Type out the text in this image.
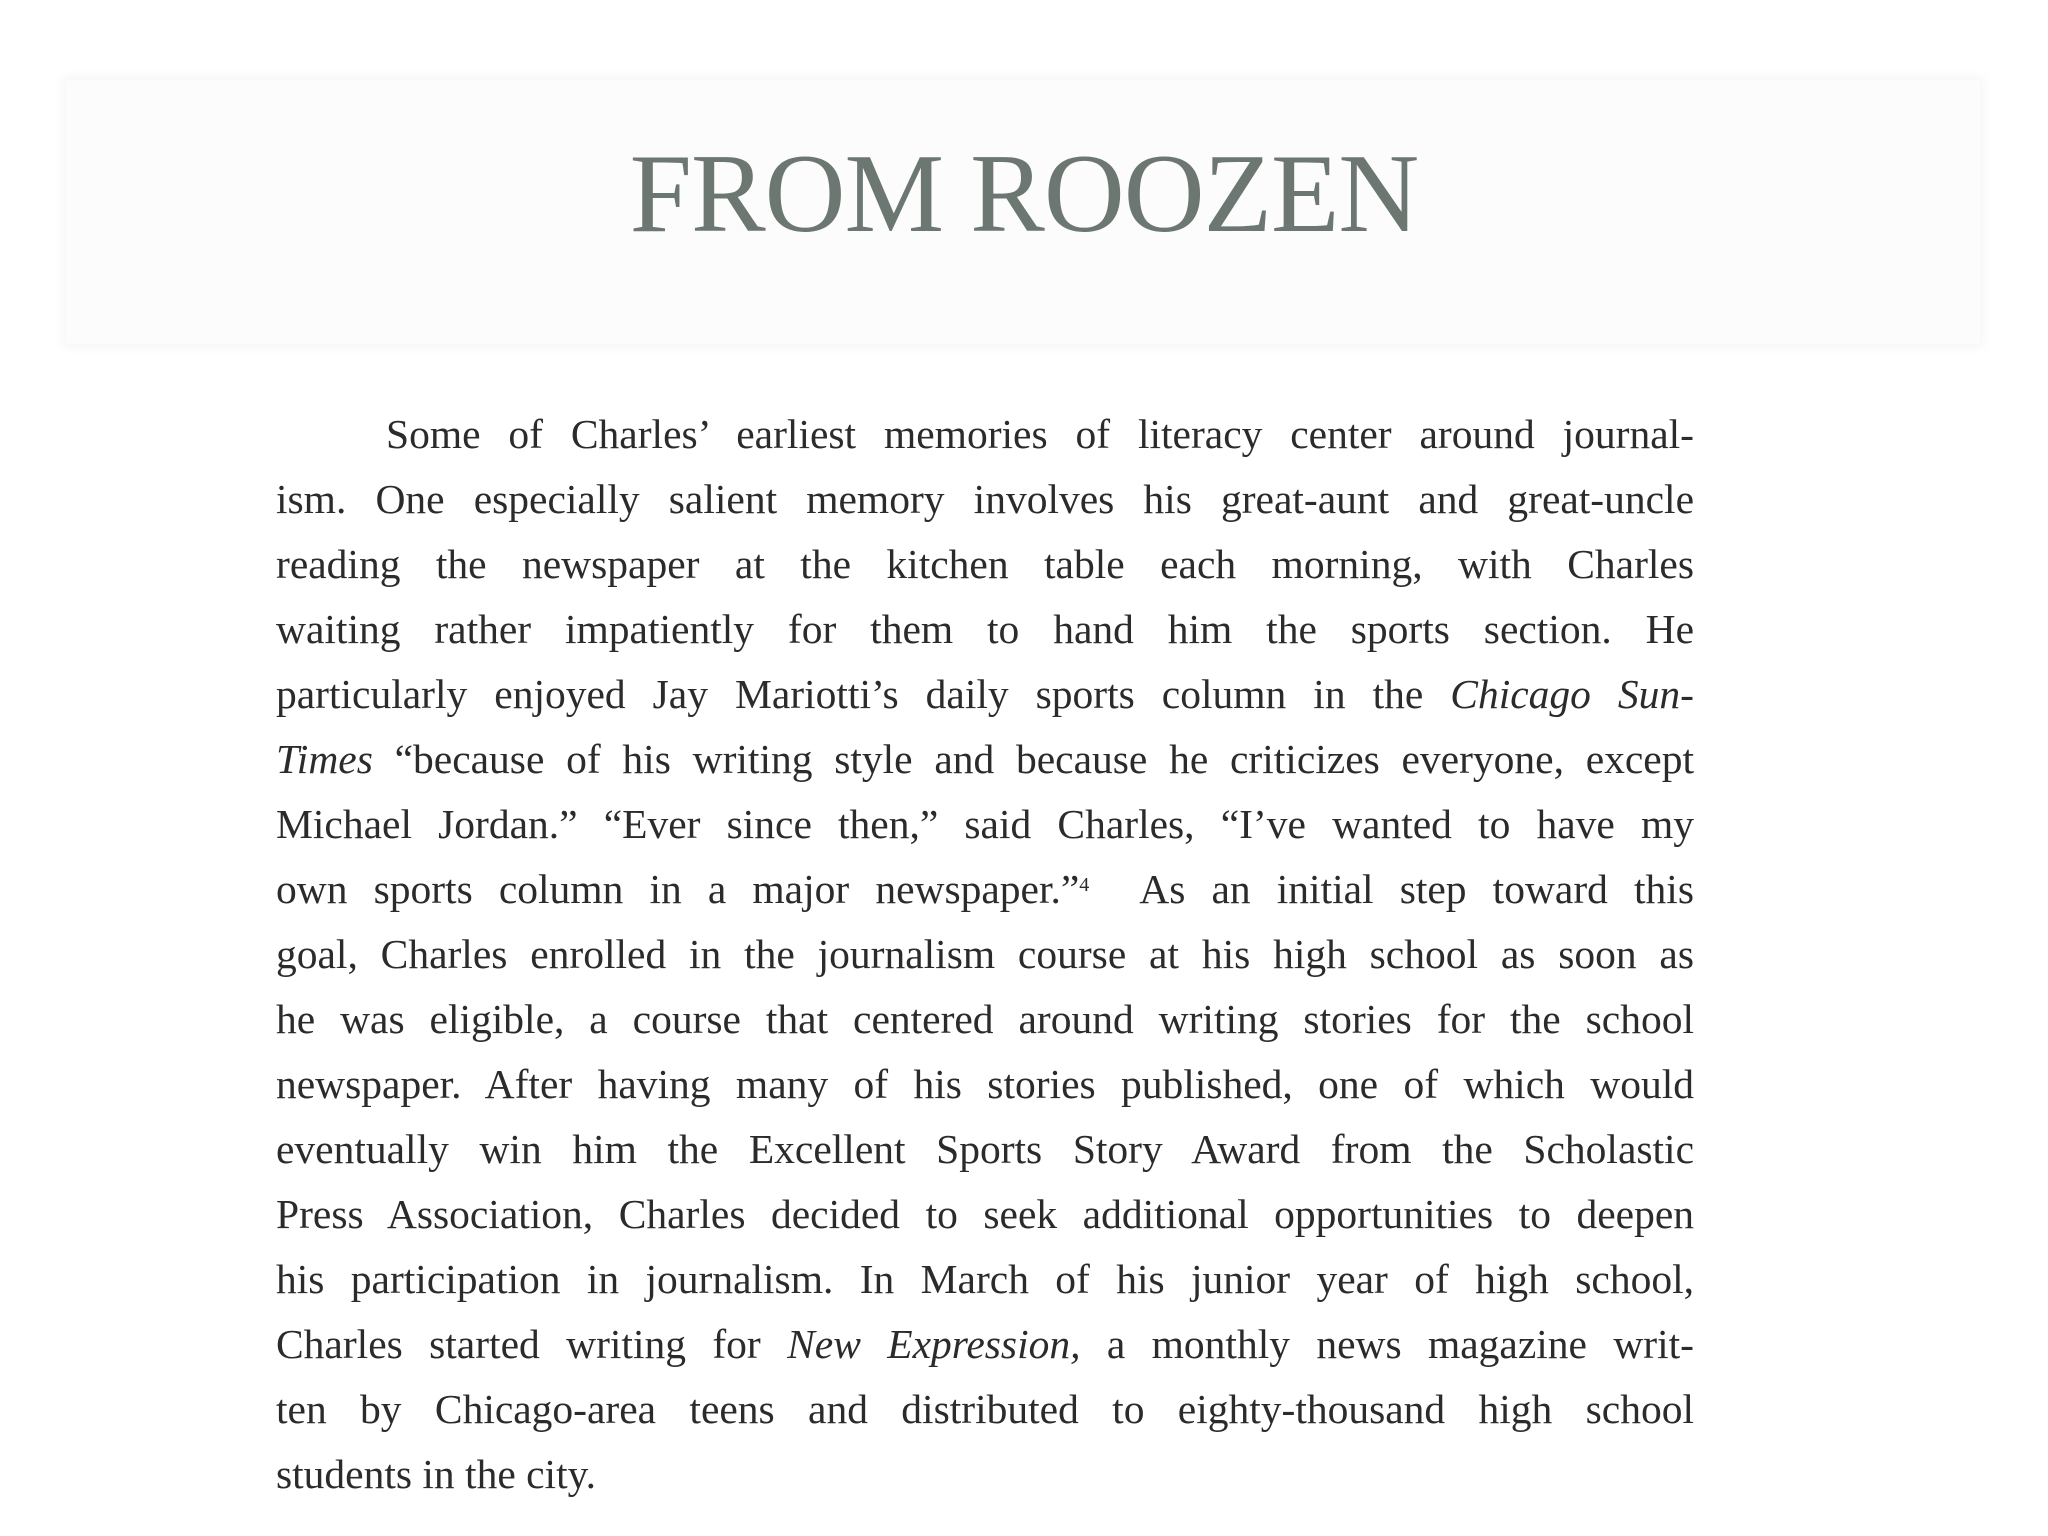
FROM ROOZEN
Some of Charles’ earliest memories of literacy center around journal-
ism. One especially salient memory involves his great-aunt and great-uncle
reading the newspaper at the kitchen table each morning, with Charles
waiting rather impatiently for them to hand him the sports section. He
particularly enjoyed Jay Mariotti’s daily sports column in the Chicago Sun-
Times “because of his writing style and because he criticizes everyone, except
Michael Jordan.” “Ever since then,” said Charles, “I’ve wanted to have my
own sports column in a major newspaper.”$^4$ As an initial step toward this
goal, Charles enrolled in the journalism course at his high school as soon as
he was eligible, a course that centered around writing stories for the school
newspaper. After having many of his stories published, one of which would
eventually win him the Excellent Sports Story Award from the Scholastic
Press Association, Charles decided to seek additional opportunities to deepen
his participation in journalism. In March of his junior year of high school,
Charles started writing for New Expression, a monthly news magazine writ-
ten by Chicago-area teens and distributed to eighty-thousand high school
students in the city.
